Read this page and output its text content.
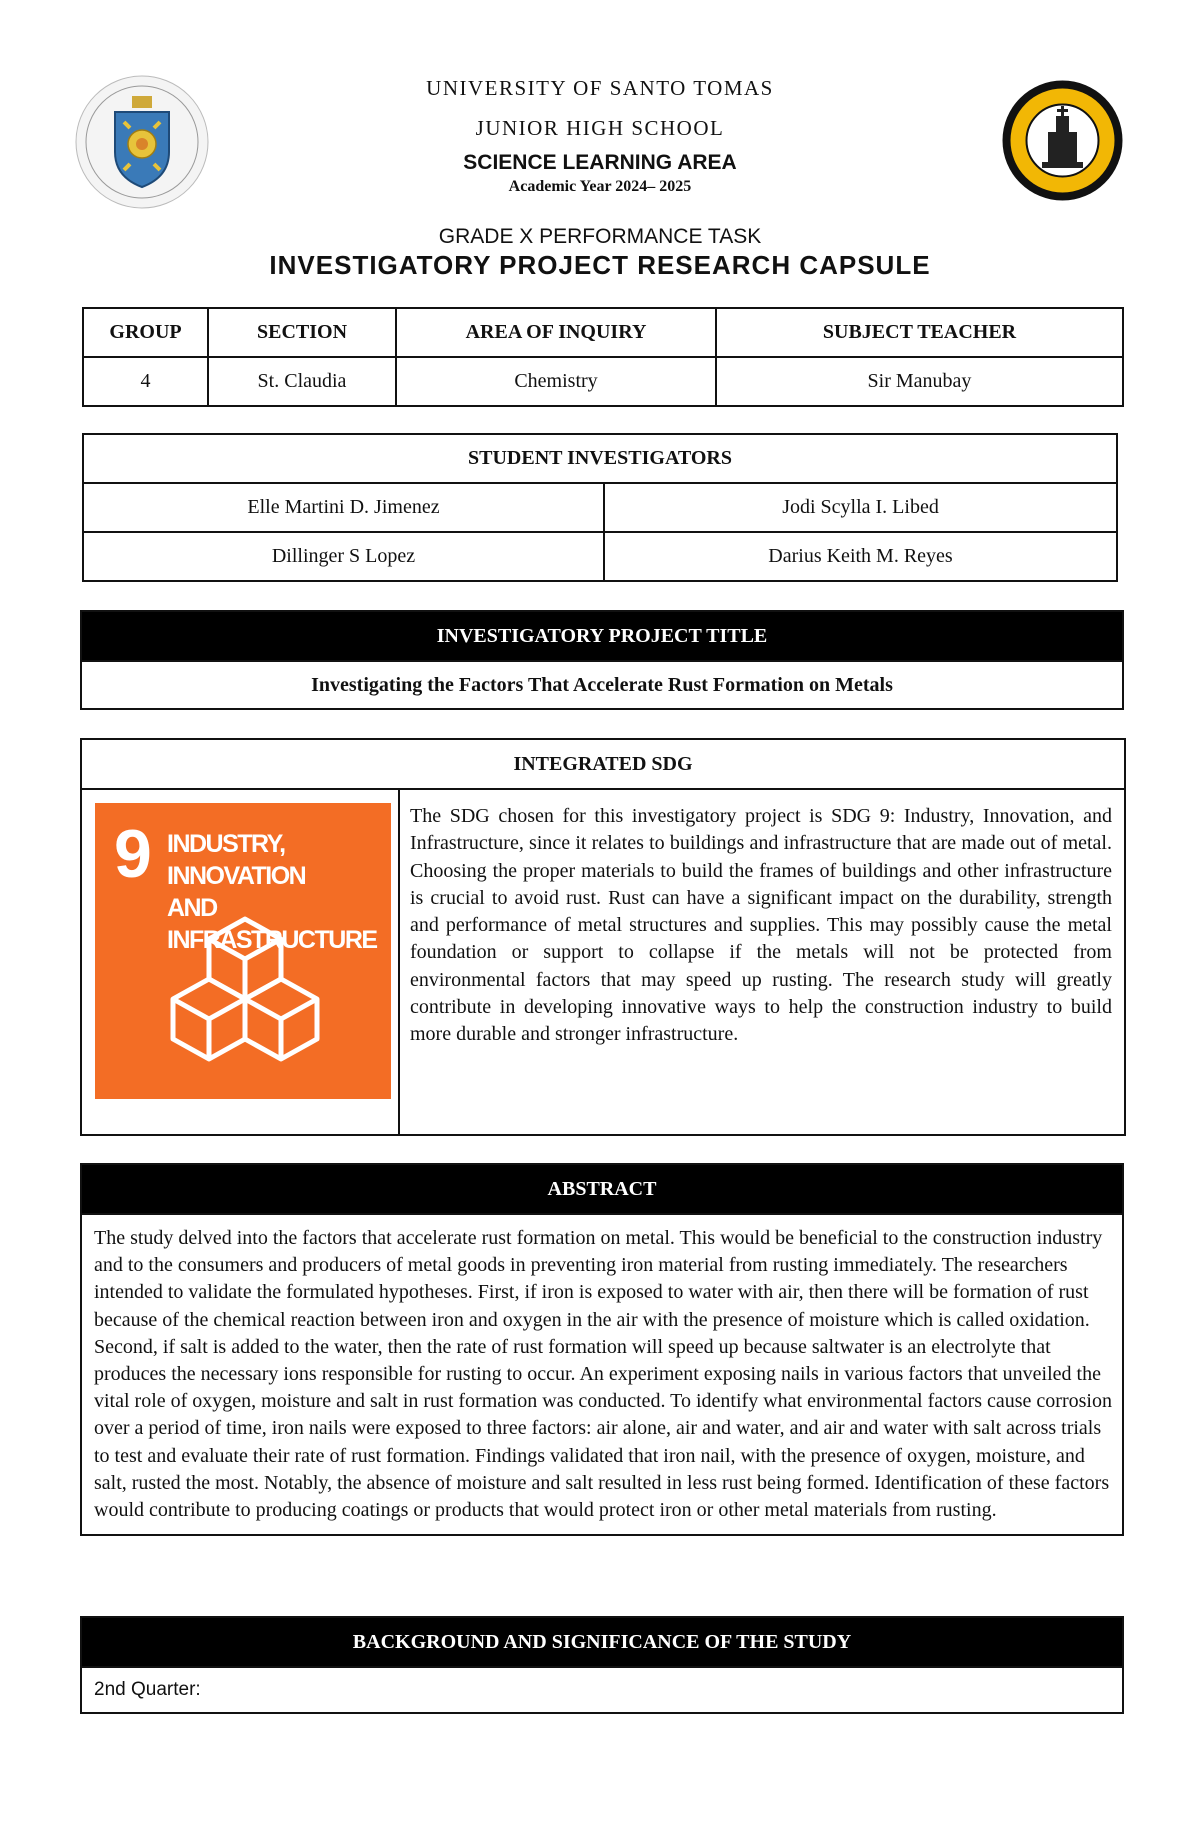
UNIVERSITY OF SANTO TOMAS
JUNIOR HIGH SCHOOL
SCIENCE LEARNING AREA
Academic Year 2024– 2025
GRADE X PERFORMANCE TASK
INVESTIGATORY PROJECT RESEARCH CAPSULE
GROUP	SECTION	AREA OF INQUIRY	SUBJECT TEACHER
4	St. Claudia	Chemistry	Sir Manubay
STUDENT INVESTIGATORS	
Elle Martini D. Jimenez	Jodi Scylla I. Libed
Dillinger S Lopez	Darius Keith M. Reyes
INVESTIGATORY PROJECT TITLE
Investigating the Factors That Accelerate Rust Formation on Metals
INTEGRATED SDG

9 INDUSTRY, INNOVATION
AND INFRASTRUCTURE
	The SDG chosen for this investigatory project is SDG 9: Industry, Innovation, and Infrastructure, since it relates to buildings and infrastructure that are made out of metal. Choosing the proper materials to build the frames of buildings and other infrastructure is crucial to avoid rust. Rust can have a significant impact on the durability, strength and performance of metal structures and supplies. This may possibly cause the metal foundation or support to collapse if the metals will not be protected from environmental factors that may speed up rusting. The research study will greatly contribute in developing innovative ways to help the construction industry to build more durable and stronger infrastructure.
ABSTRACT
The study delved into the factors that accelerate rust formation on metal. This would be beneficial to the construction industry and to the consumers and producers of metal goods in preventing iron material from rusting immediately. The researchers intended to validate the formulated hypotheses. First, if iron is exposed to water with air, then there will be formation of rust because of the chemical reaction between iron and oxygen in the air with the presence of moisture which is called oxidation. Second, if salt is added to the water, then the rate of rust formation will speed up because saltwater is an electrolyte that produces the necessary ions responsible for rusting to occur. An experiment exposing nails in various factors that unveiled the vital role of oxygen, moisture and salt in rust formation was conducted. To identify what environmental factors cause corrosion over a period of time, iron nails were exposed to three factors: air alone, air and water, and air and water with salt across trials to test and evaluate their rate of rust formation. Findings validated that iron nail, with the presence of oxygen, moisture, and salt, rusted the most. Notably, the absence of moisture and salt resulted in less rust being formed. Identification of these factors would contribute to producing coatings or products that would protect iron or other metal materials from rusting.
BACKGROUND AND SIGNIFICANCE OF THE STUDY
2nd Quarter:
